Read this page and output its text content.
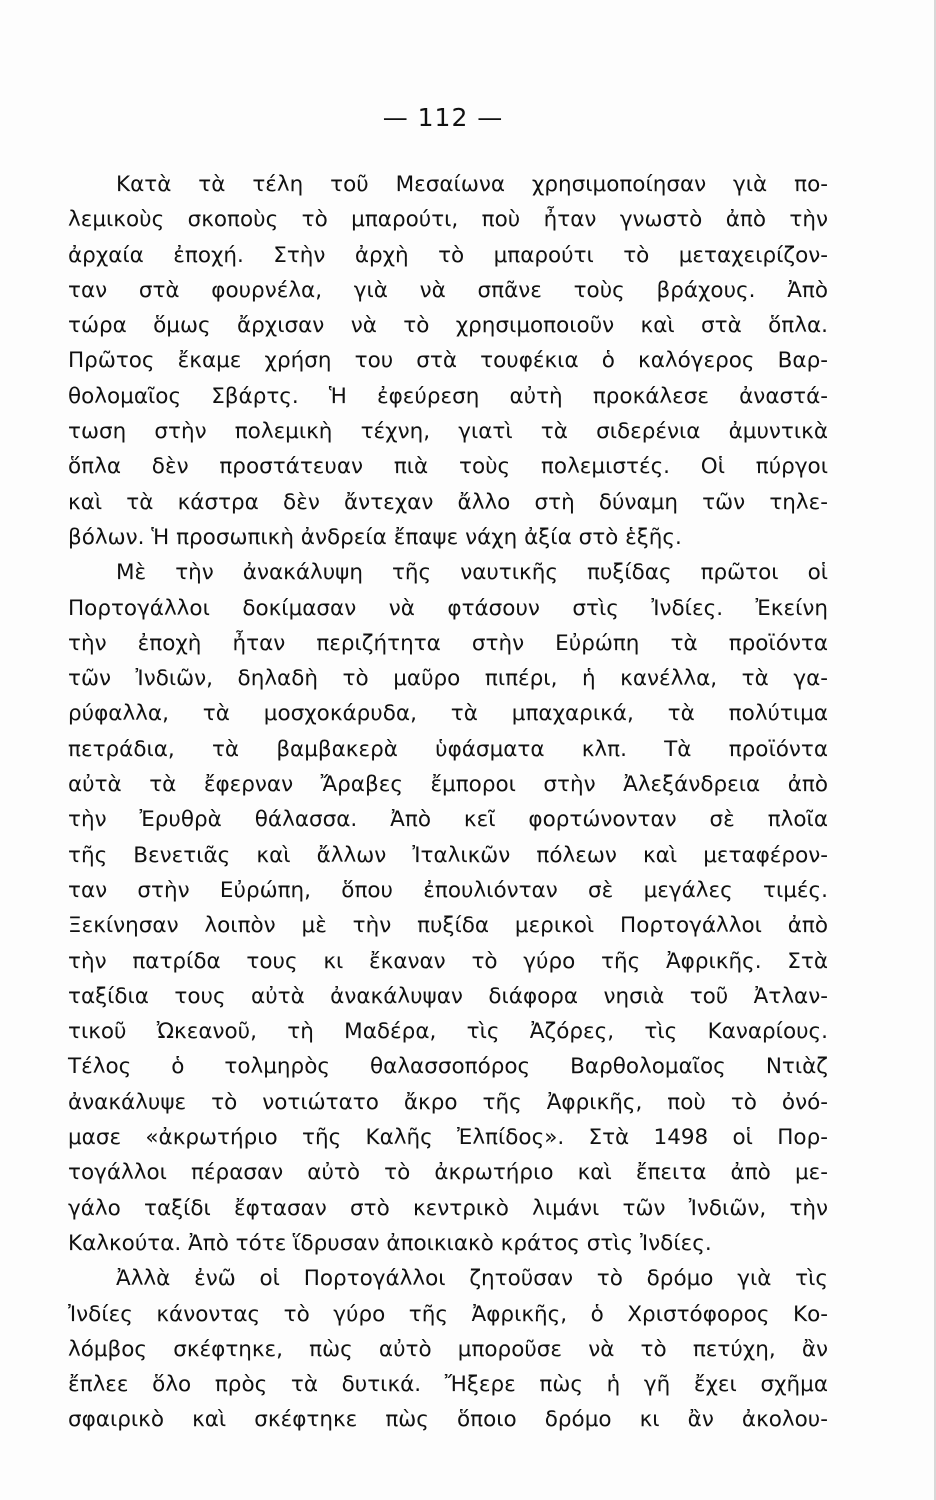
— 112 —
Κατὰ τὰ τέλη τοῦ Μεσαίωνα χρησιμοποίησαν γιὰ πο-
λεμικοὺς σκοποὺς τὸ μπαρούτι, ποὺ ἦταν γνωστὸ ἀπὸ τὴν
ἀρχαία ἐποχή. Στὴν ἀρχὴ τὸ μπαρούτι τὸ μεταχειρίζον-
ταν στὰ φουρνέλα, γιὰ νὰ σπᾶνε τοὺς βράχους. Ἀπὸ
τώρα ὅμως ἄρχισαν νὰ τὸ χρησιμοποιοῦν καὶ στὰ ὅπλα.
Πρῶτος ἔκαμε χρήση του στὰ τουφέκια ὁ καλόγερος Βαρ-
θολομαῖος Σβάρτς. Ἡ ἐφεύρεση αὐτὴ προκάλεσε ἀναστά-
τωση στὴν πολεμικὴ τέχνη, γιατὶ τὰ σιδερένια ἀμυντικὰ
ὅπλα δὲν προστάτευαν πιὰ τοὺς πολεμιστές. Οἱ πύργοι
καὶ τὰ κάστρα δὲν ἄντεχαν ἄλλο στὴ δύναμη τῶν τηλε-
βόλων. Ἡ προσωπικὴ ἀνδρεία ἔπαψε νάχη ἀξία στὸ ἑξῆς.
Μὲ τὴν ἀνακάλυψη τῆς ναυτικῆς πυξίδας πρῶτοι οἱ
Πορτογάλλοι δοκίμασαν νὰ φτάσουν στὶς Ἰνδίες. Ἐκείνη
τὴν ἐποχὴ ἦταν περιζήτητα στὴν Εὐρώπη τὰ προϊόντα
τῶν Ἰνδιῶν, δηλαδὴ τὸ μαῦρο πιπέρι, ἡ κανέλλα, τὰ γα-
ρύφαλλα, τὰ μοσχοκάρυδα, τὰ μπαχαρικά, τὰ πολύτιμα
πετράδια, τὰ βαμβακερὰ ὑφάσματα κλπ. Τὰ προϊόντα
αὐτὰ τὰ ἔφερναν Ἄραβες ἔμποροι στὴν Ἀλεξάνδρεια ἀπὸ
τὴν Ἐρυθρὰ θάλασσα. Ἀπὸ κεῖ φορτώνονταν σὲ πλοῖα
τῆς Βενετιᾶς καὶ ἄλλων Ἰταλικῶν πόλεων καὶ μεταφέρον-
ταν στὴν Εὐρώπη, ὅπου ἐπουλιόνταν σὲ μεγάλες τιμές.
Ξεκίνησαν λοιπὸν μὲ τὴν πυξίδα μερικοὶ Πορτογάλλοι ἀπὸ
τὴν πατρίδα τους κι ἔκαναν τὸ γύρο τῆς Ἀφρικῆς. Στὰ
ταξίδια τους αὐτὰ ἀνακάλυψαν διάφορα νησιὰ τοῦ Ἀτλαν-
τικοῦ Ὠκεανοῦ, τὴ Μαδέρα, τὶς Ἀζόρες, τὶς Καναρίους.
Τέλος ὁ τολμηρὸς θαλασσοπόρος Βαρθολομαῖος Ντιὰζ
ἀνακάλυψε τὸ νοτιώτατο ἄκρο τῆς Ἀφρικῆς, ποὺ τὸ ὀνό-
μασε «ἀκρωτήριο τῆς Καλῆς Ἐλπίδος». Στὰ 1498 οἱ Πορ-
τογάλλοι πέρασαν αὐτὸ τὸ ἀκρωτήριο καὶ ἔπειτα ἀπὸ με-
γάλο ταξίδι ἔφτασαν στὸ κεντρικὸ λιμάνι τῶν Ἰνδιῶν, τὴν
Καλκούτα. Ἀπὸ τότε ἵδρυσαν ἀποικιακὸ κράτος στὶς Ἰνδίες.
Ἀλλὰ ἐνῶ οἱ Πορτογάλλοι ζητοῦσαν τὸ δρόμο γιὰ τὶς
Ἰνδίες κάνοντας τὸ γύρο τῆς Ἀφρικῆς, ὁ Χριστόφορος Κο-
λόμβος σκέφτηκε, πὼς αὐτὸ μποροῦσε νὰ τὸ πετύχη, ἂν
ἔπλεε ὅλο πρὸς τὰ δυτικά. Ἤξερε πὼς ἡ γῆ ἔχει σχῆμα
σφαιρικὸ καὶ σκέφτηκε πὼς ὅποιο δρόμο κι ἂν ἀκολου-
